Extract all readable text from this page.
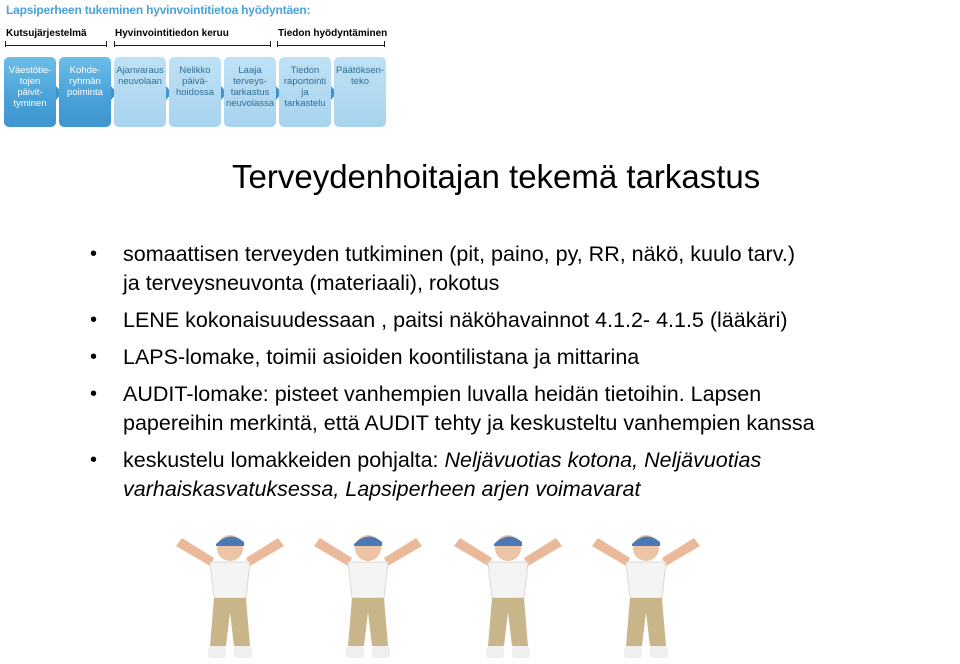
Lapsiperheen tukeminen hyvinvointitietoa hyödyntäen:
Kutsujärjestelmä	Hyvinvointitiedon keruu	Tiedon hyödyntäminen
Väestötie-
tojen päivit-
tyminen
Kohde-
ryhmän
poiminta
Ajanvaraus
neuvolaan
Nelikko
päivä-
hoidossa
Laaja
terveys-
tarkastus
neuvolassa
Tiedon
raportointi
ja tarkastelu
Päätöksen-
teko
Terveydenhoitajan tekemä tarkastus
• somaattisen terveyden tutkiminen (pit, paino, py, RR, näkö, kuulo tarv.)
ja terveysneuvonta (materiaali), rokotus
• LENE kokonaisuudessaan , paitsi näköhavainnot 4.1.2- 4.1.5 (lääkäri)
• LAPS-lomake, toimii asioiden koontilistana ja mittarina
• AUDIT-lomake: pisteet vanhempien luvalla heidän tietoihin. Lapsen
papereihin merkintä, että AUDIT tehty ja keskusteltu vanhempien kanssa
• keskustelu lomakkeiden pohjalta: Neljävuotias kotona, Neljävuotias
varhaiskasvatuksessa, Lapsiperheen arjen voimavarat
